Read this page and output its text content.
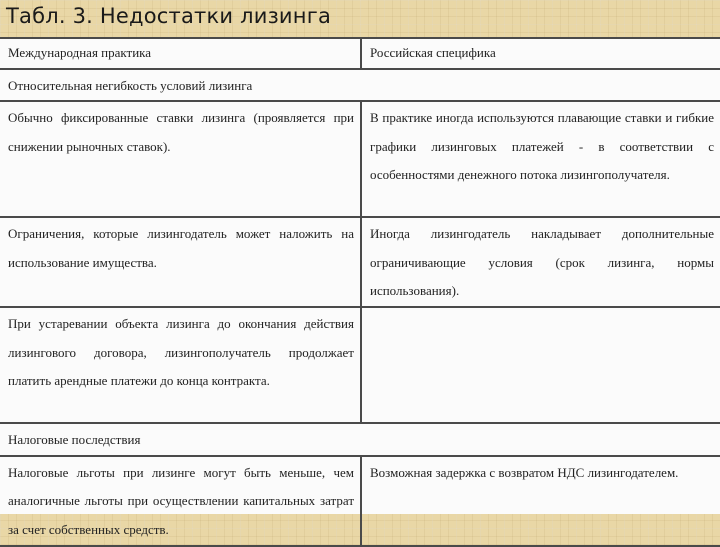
Табл. 3. Недостатки лизинга
Международная практика	Российская специфика
Относительная негибкость условий лизинга	
Обычно фиксированные ставки лизинга (проявляется при снижении рыночных ставок).	В практике иногда используются плавающие ставки и гибкие графики лизинговых платежей - в соответствии с особенностями денежного потока лизингополучателя.
Ограничения, которые лизингодатель может наложить на использование имущества.	Иногда лизингодатель накладывает дополнительные ограничивающие условия (срок лизинга, нормы использования).
При устаревании объекта лизинга до окончания действия лизингового договора, лизингополучатель продолжает платить арендные платежи до конца контракта.	
Налоговые последствия	
Налоговые льготы при лизинге могут быть меньше, чем аналогичные льготы при осуществлении капитальных затрат за счет собственных средств.	Возможная задержка с возвратом НДС лизингодателем.
